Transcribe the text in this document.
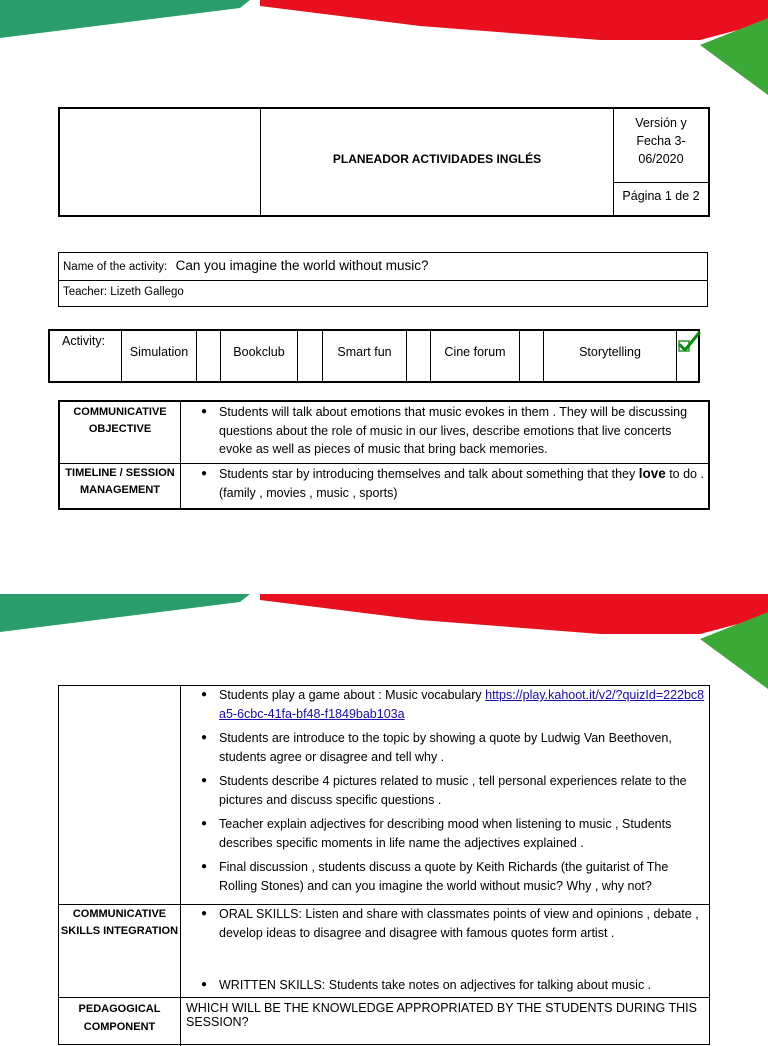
PLANEADOR ACTIVIDADES INGLÉS
Versión y
Fecha 3-
06/2020
Página 1 de 2
Name of the activity: Can you imagine the world without music?
Teacher: Lizeth Gallego
Activity:
Simulation	Bookclub	Smart fun	Cine forum	Storytelling
COMMUNICATIVE OBJECTIVE
● Students will talk about emotions that music evokes in them . They will be discussing questions about the role of music in our lives, describe emotions that live concerts evoke as well as pieces of music that bring back memories.
TIMELINE / SESSION MANAGEMENT
● Students star by introducing themselves and talk about something that they love to do . (family , movies , music , sports)
● Students play a game about : Music vocabulary https://play.kahoot.it/v2/?quizId=222bc8a5-6cbc-41fa-bf48-f1849bab103a
● Students are introduce to the topic by showing a quote by Ludwig Van Beethoven, students agree or disagree and tell why .
● Students describe 4 pictures related to music , tell personal experiences relate to the pictures and discuss specific questions .
● Teacher explain adjectives for describing mood when listening to music , Students describes specific moments in life name the adjectives explained .
● Final discussion , students discuss a quote by Keith Richards (the guitarist of The Rolling Stones) and can you imagine the world without music? Why , why not?
COMMUNICATIVE SKILLS INTEGRATION
● ORAL SKILLS: Listen and share with classmates points of view and opinions , debate , develop ideas to disagree and disagree with famous quotes form artist .
● WRITTEN SKILLS: Students take notes on adjectives for talking about music .
PEDAGOGICAL COMPONENT
WHICH WILL BE THE KNOWLEDGE APPROPRIATED BY THE STUDENTS DURING THIS SESSION?
